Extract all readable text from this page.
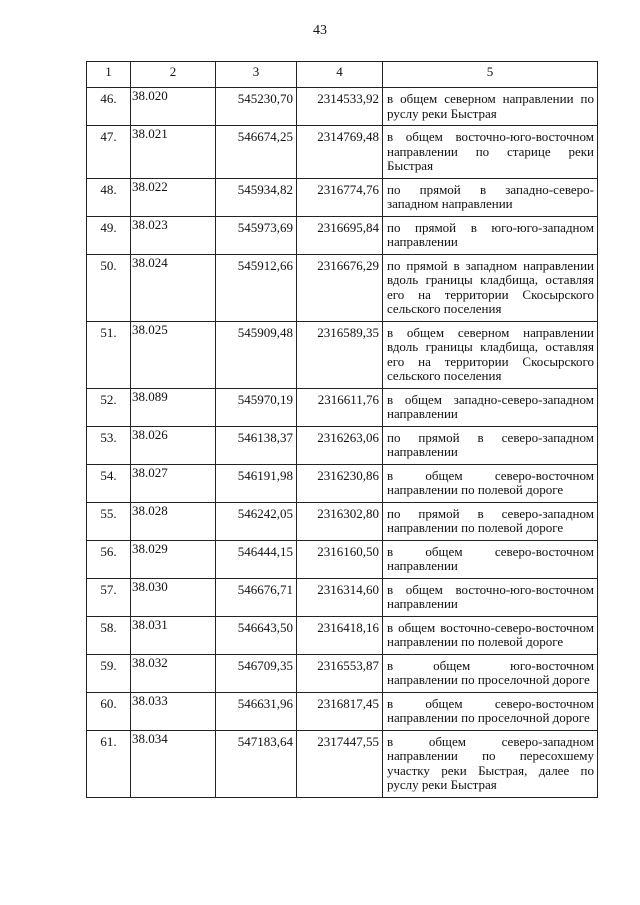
43
1	2	3	4	5
46.	38.020	545230,70	2314533,92	в общем северном направлении по руслу реки Быстрая
47.	38.021	546674,25	2314769,48	в общем восточно-юго-восточном направлении по старице реки Быстрая
48.	38.022	545934,82	2316774,76	по прямой в западно-северо-западном направлении
49.	38.023	545973,69	2316695,84	по прямой в юго-юго-западном направлении
50.	38.024	545912,66	2316676,29	по прямой в западном направлении вдоль границы кладбища, оставляя его на территории Скосырского сельского поселения
51.	38.025	545909,48	2316589,35	в общем северном направлении вдоль границы кладбища, оставляя его на территории Скосырского сельского поселения
52.	38.089	545970,19	2316611,76	в общем западно-северо-западном направлении
53.	38.026	546138,37	2316263,06	по прямой в северо-западном направлении
54.	38.027	546191,98	2316230,86	в общем северо-восточном направлении по полевой дороге
55.	38.028	546242,05	2316302,80	по прямой в северо-западном направлении по полевой дороге
56.	38.029	546444,15	2316160,50	в общем северо-восточном направлении
57.	38.030	546676,71	2316314,60	в общем восточно-юго-восточном направлении
58.	38.031	546643,50	2316418,16	в общем восточно-северо-восточном направлении по полевой дороге
59.	38.032	546709,35	2316553,87	в общем юго-восточном направлении по проселочной дороге
60.	38.033	546631,96	2316817,45	в общем северо-восточном направлении по проселочной дороге
61.	38.034	547183,64	2317447,55	в общем северо-западном направлении по пересохшему участку реки Быстрая, далее по руслу реки Быстрая
